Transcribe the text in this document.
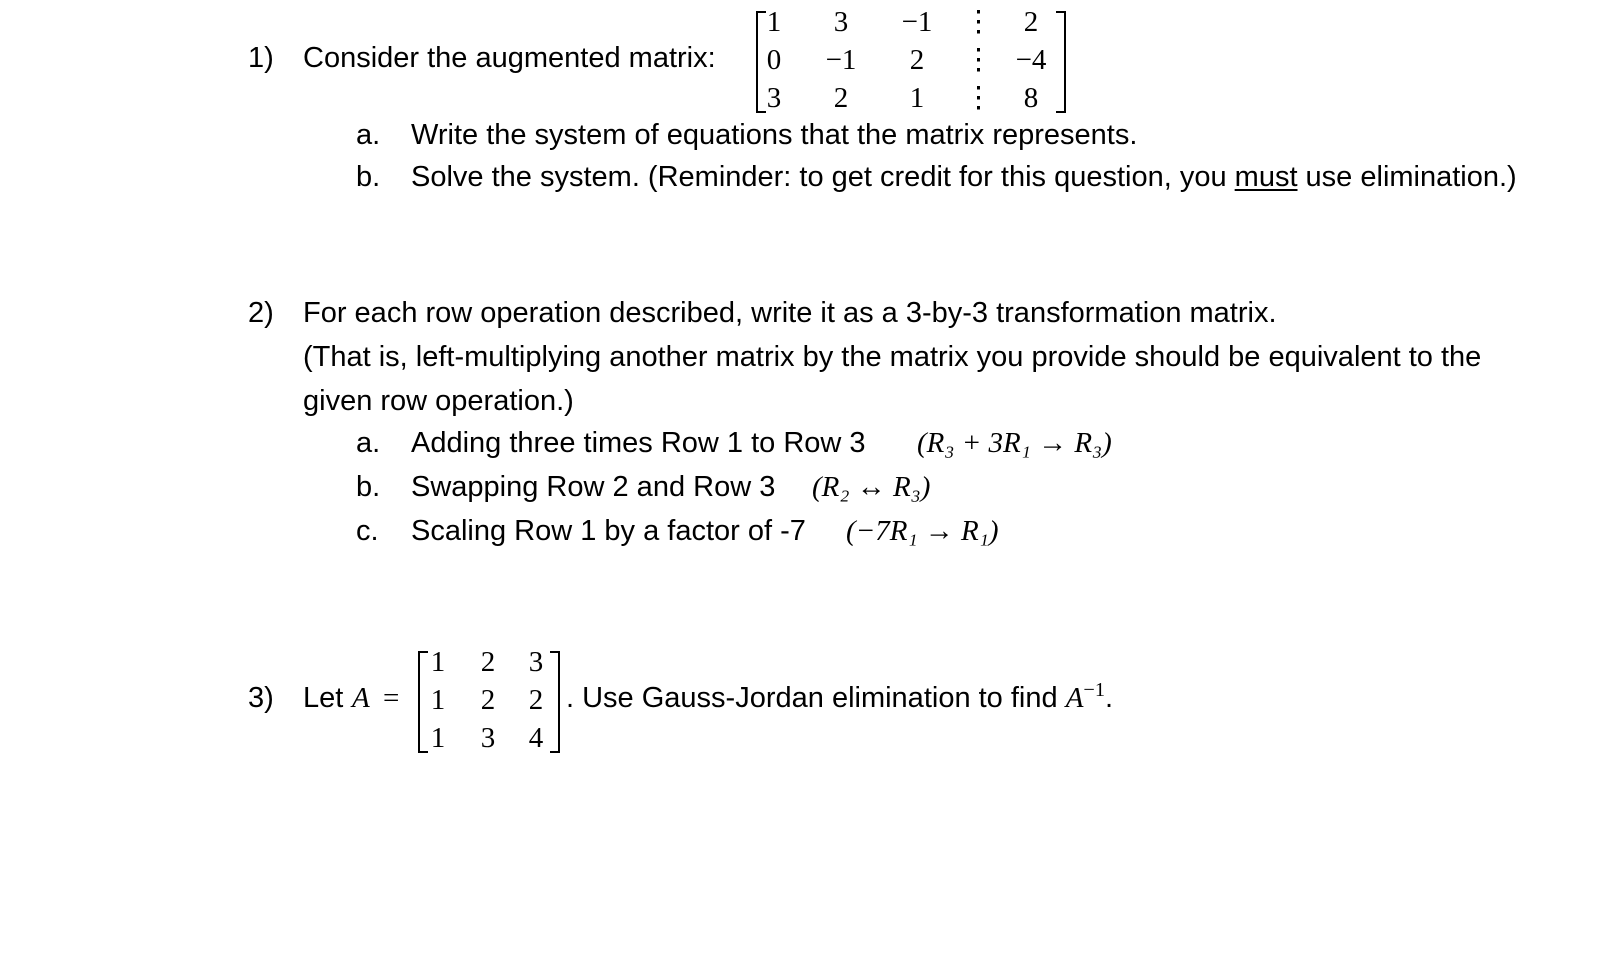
1) Consider the augmented matrix:
1	3	−1	⋮	2
0	−1	2	⋮ −4
3	2	1	⋮	8
a. Write the system of equations that the matrix represents.
b. Solve the system. (Reminder: to get credit for this question, you must use elimination.)
2) For each row operation described, write it as a 3-by-3 transformation matrix.
(That is, left-multiplying another matrix by the matrix you provide should be equivalent to the
given row operation.)
a. Adding three times Row 1 to Row 3 (R₃ + 3R₁ → R₃)
b. Swapping Row 2 and Row 3 (R₂ ↔ R₃)
c. Scaling Row 1 by a factor of -7 (−7R₁ → R₁)
3) Let A =
1 2 3
1 2 2
1 3 4
. Use Gauss-Jordan elimination to find $A^{-1}$.
